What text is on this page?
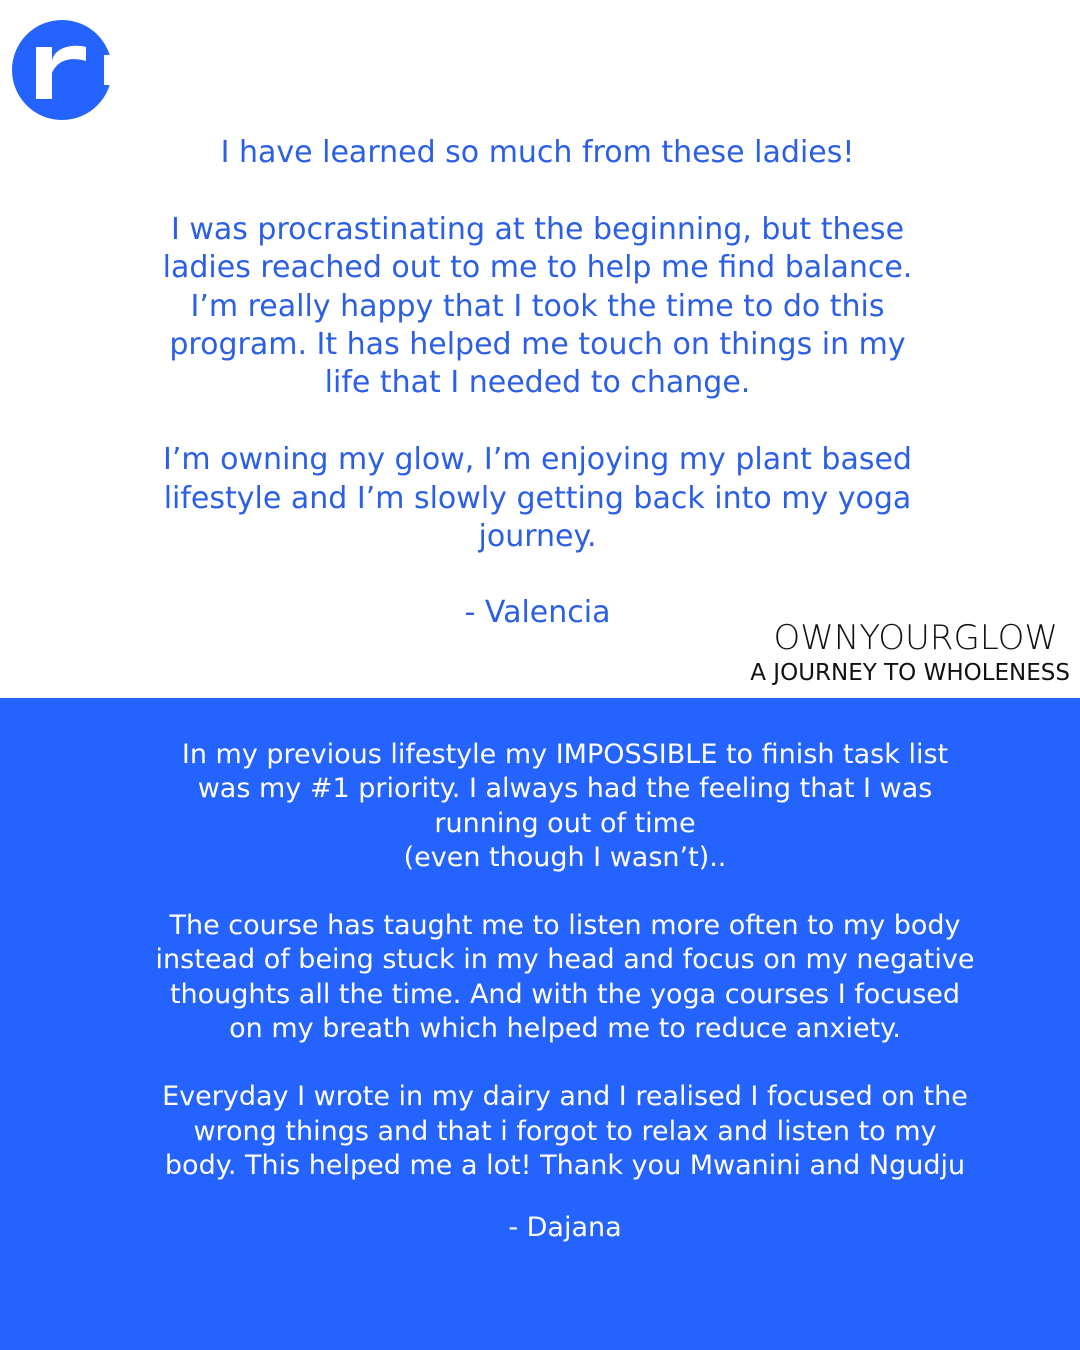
I have learned so much from these ladies!

I was procrastinating at the beginning, but these ladies reached out to me to help me find balance. I’m really happy that I took the time to do this program. It has helped me touch on things in my life that I needed to change.

I’m owning my glow, I’m enjoying my plant based lifestyle and I’m slowly getting back into my yoga journey.

- Valencia

OWNYOURGLOW
A JOURNEY TO WHOLENESS

In my previous lifestyle my IMPOSSIBLE to finish task list was my #1 priority. I always had the feeling that I was running out of time

(even though I wasn’t)..

The course has taught me to listen more often to my body instead of being stuck in my head and focus on my negative thoughts all the time. And with the yoga courses I focused on my breath which helped me to reduce anxiety.

Everyday I wrote in my dairy and I realised I focused on the wrong things and that i forgot to relax and listen to my body. This helped me a lot! Thank you Mwanini and Ngudju

- Dajana
